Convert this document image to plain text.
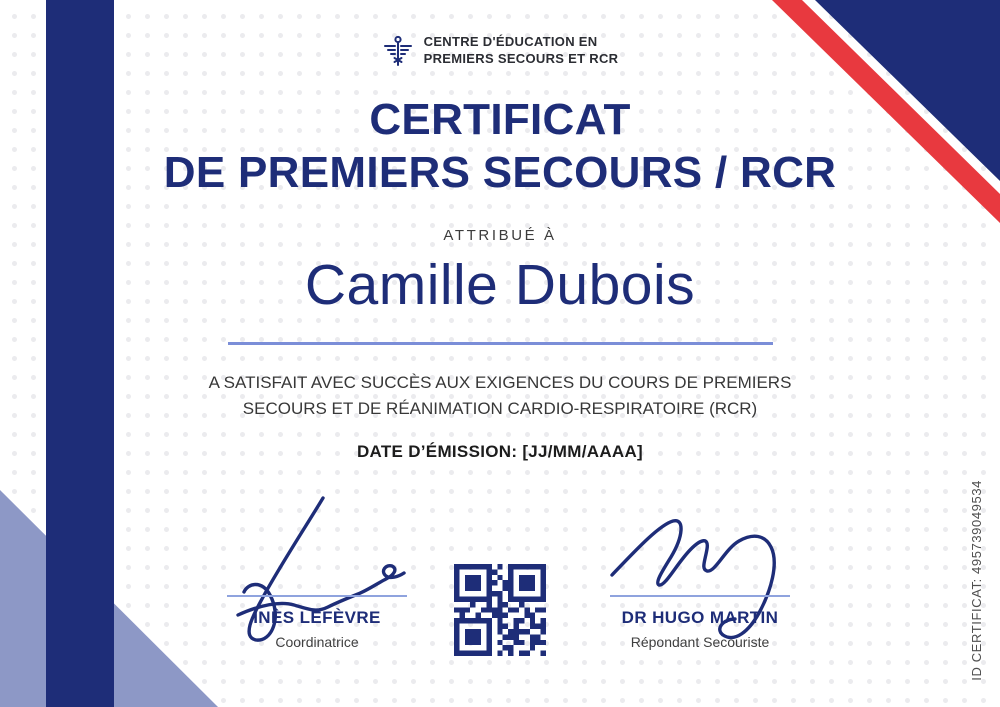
CENTRE D'ÉDUCATION EN
PREMIERS SECOURS ET RCR
CERTIFICAT
DE PREMIERS SECOURS / RCR
ATTRIBUÉ À
Camille Dubois

A SATISFAIT AVEC SUCCÈS AUX EXIGENCES DU COURS DE PREMIERS SECOURS ET DE RÉANIMATION CARDIO-RESPIRATOIRE (RCR)

DATE D’ÉMISSION: [JJ/MM/AAAA]
INÈS LEFÈVRE
Coordinatrice
DR HUGO MARTIN
Répondant Secouriste	ID CERTIFICAT: 495739049534
